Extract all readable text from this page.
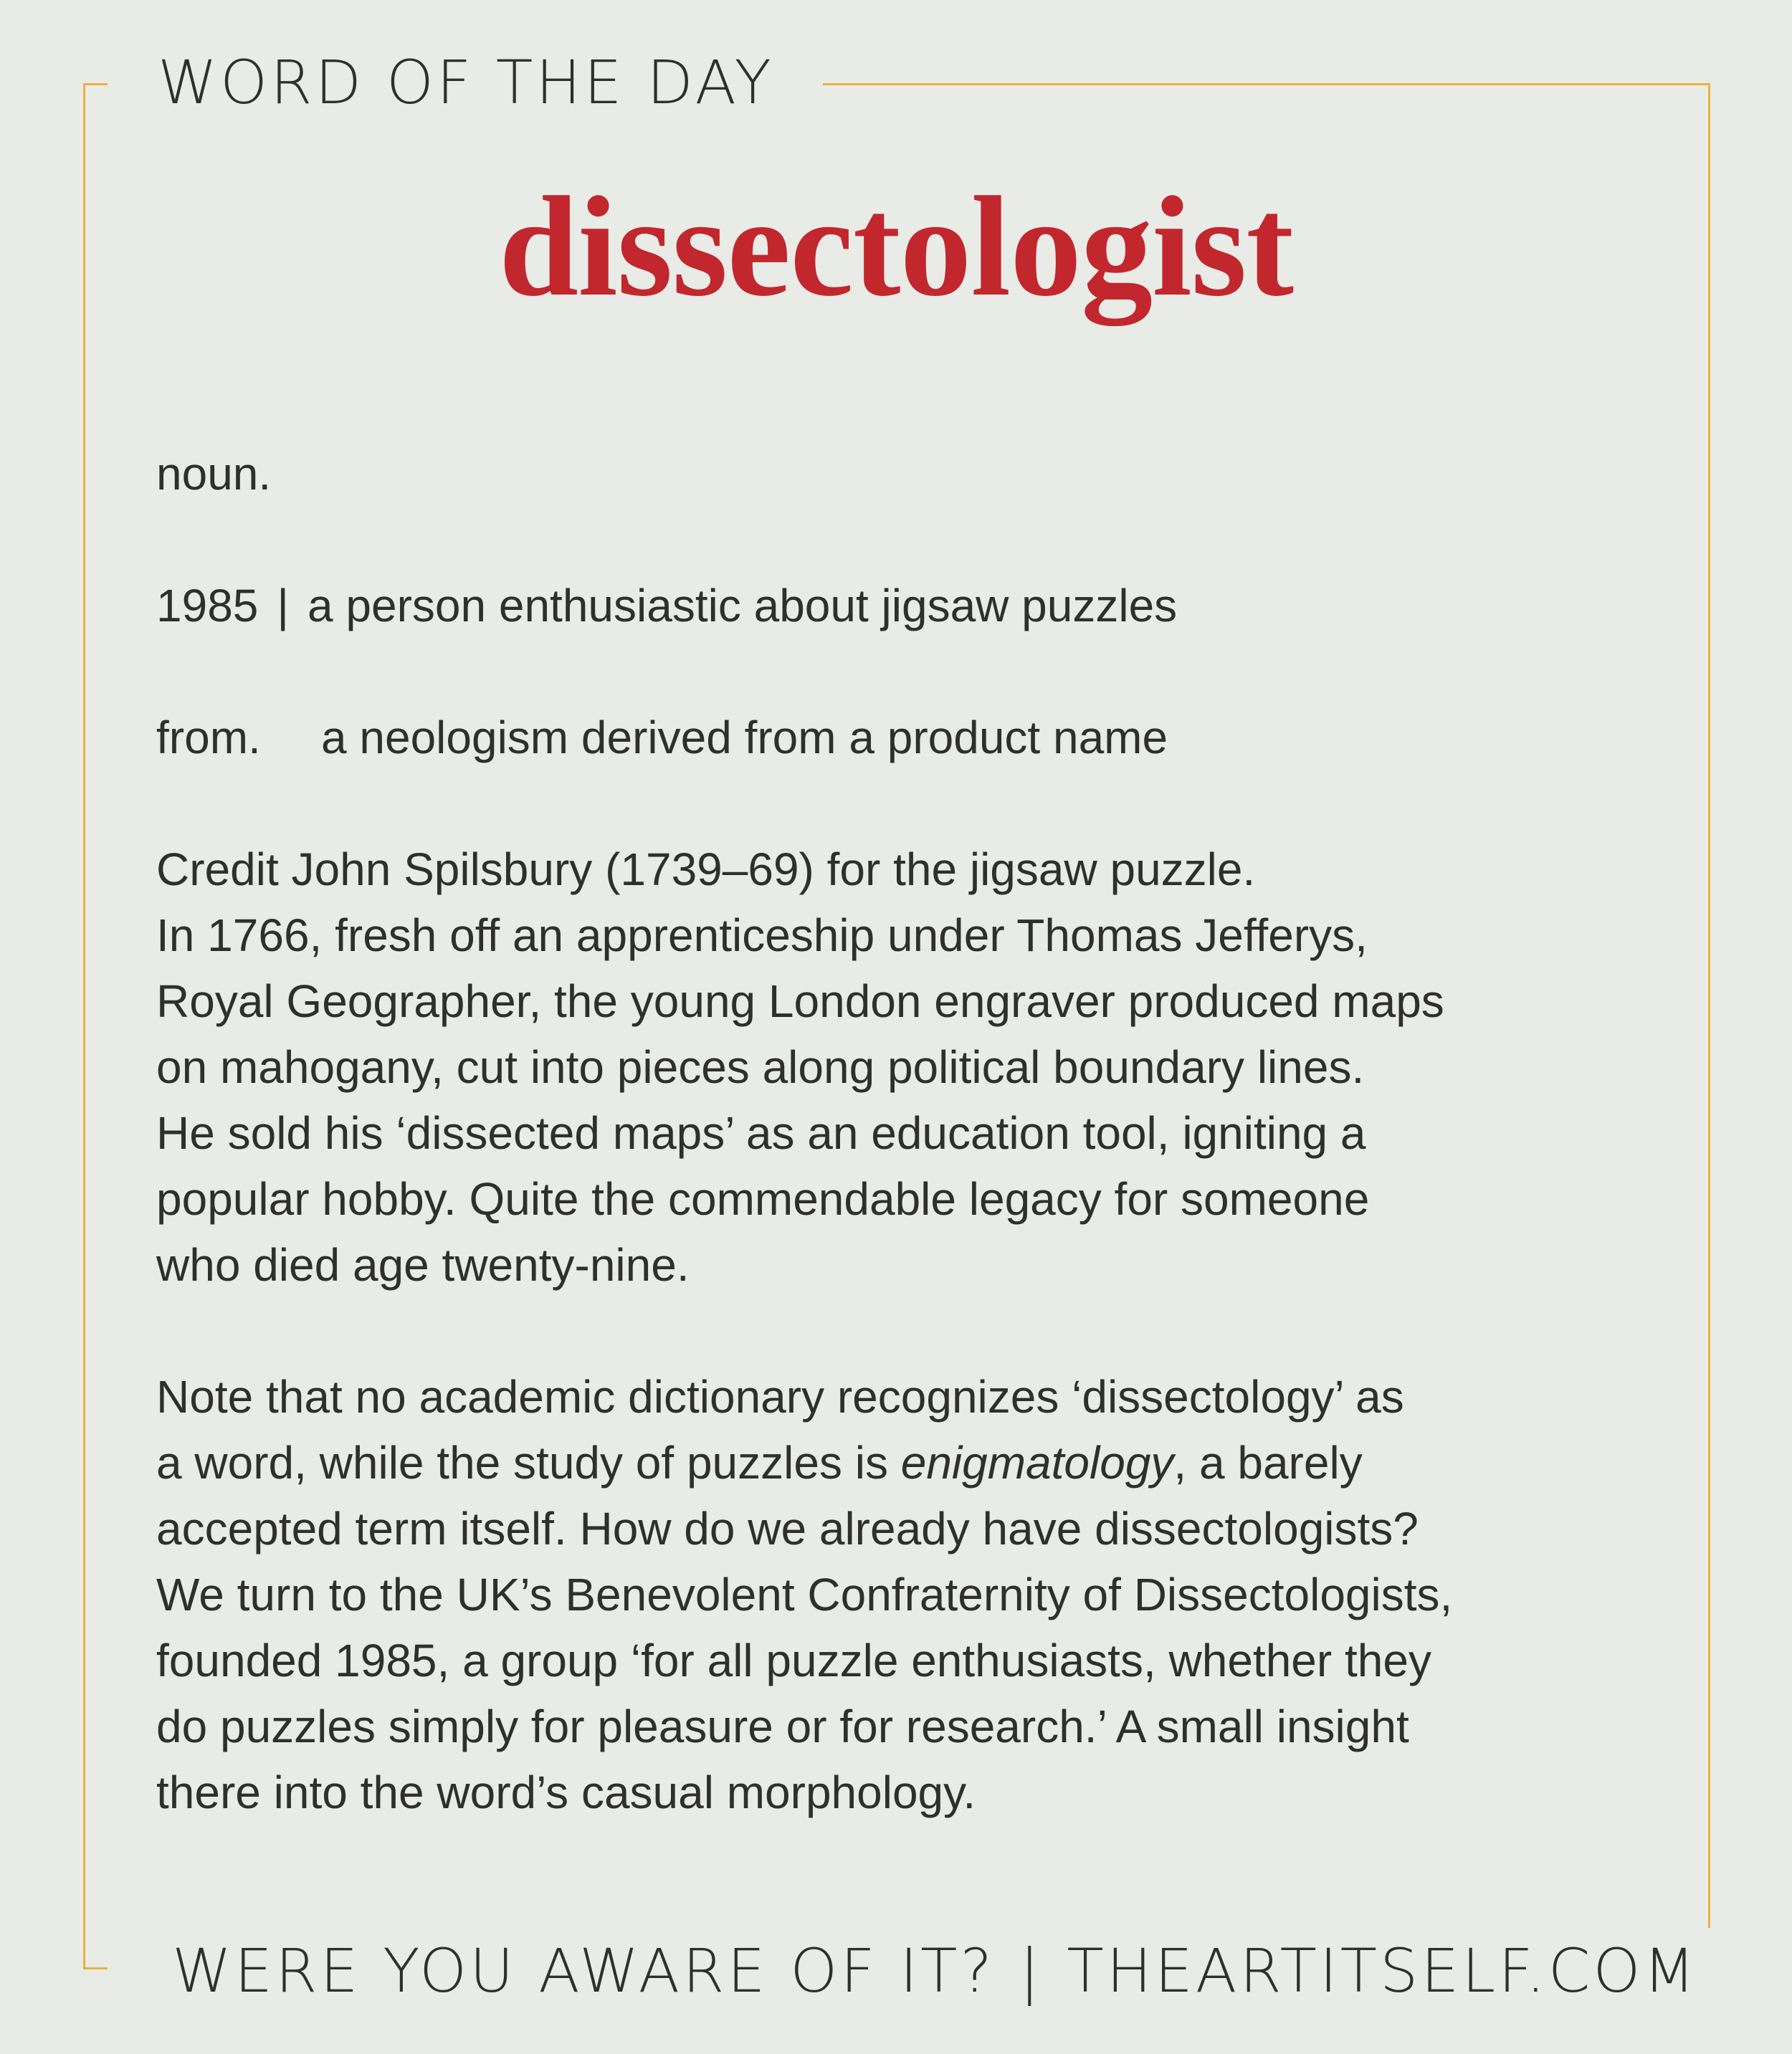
WORD OF THE DAY
dissectologist
noun.
1985 | a person enthusiastic about jigsaw puzzles
from. a neologism derived from a product name
Credit John Spilsbury (1739–69) for the jigsaw puzzle.
In 1766, fresh off an apprenticeship under Thomas Jefferys,
Royal Geographer, the young London engraver produced maps
on mahogany, cut into pieces along political boundary lines.
He sold his ‘dissected maps’ as an education tool, igniting a
popular hobby. Quite the commendable legacy for someone
who died age twenty-nine.
Note that no academic dictionary recognizes ‘dissectology’ as
a word, while the study of puzzles is enigmatology, a barely
accepted term itself. How do we already have dissectologists?
We turn to the UK’s Benevolent Confraternity of Dissectologists,
founded 1985, a group ‘for all puzzle enthusiasts, whether they
do puzzles simply for pleasure or for research.’ A small insight
there into the word’s casual morphology.
WERE YOU AWARE OF IT? | THEARTITSELF.COM
